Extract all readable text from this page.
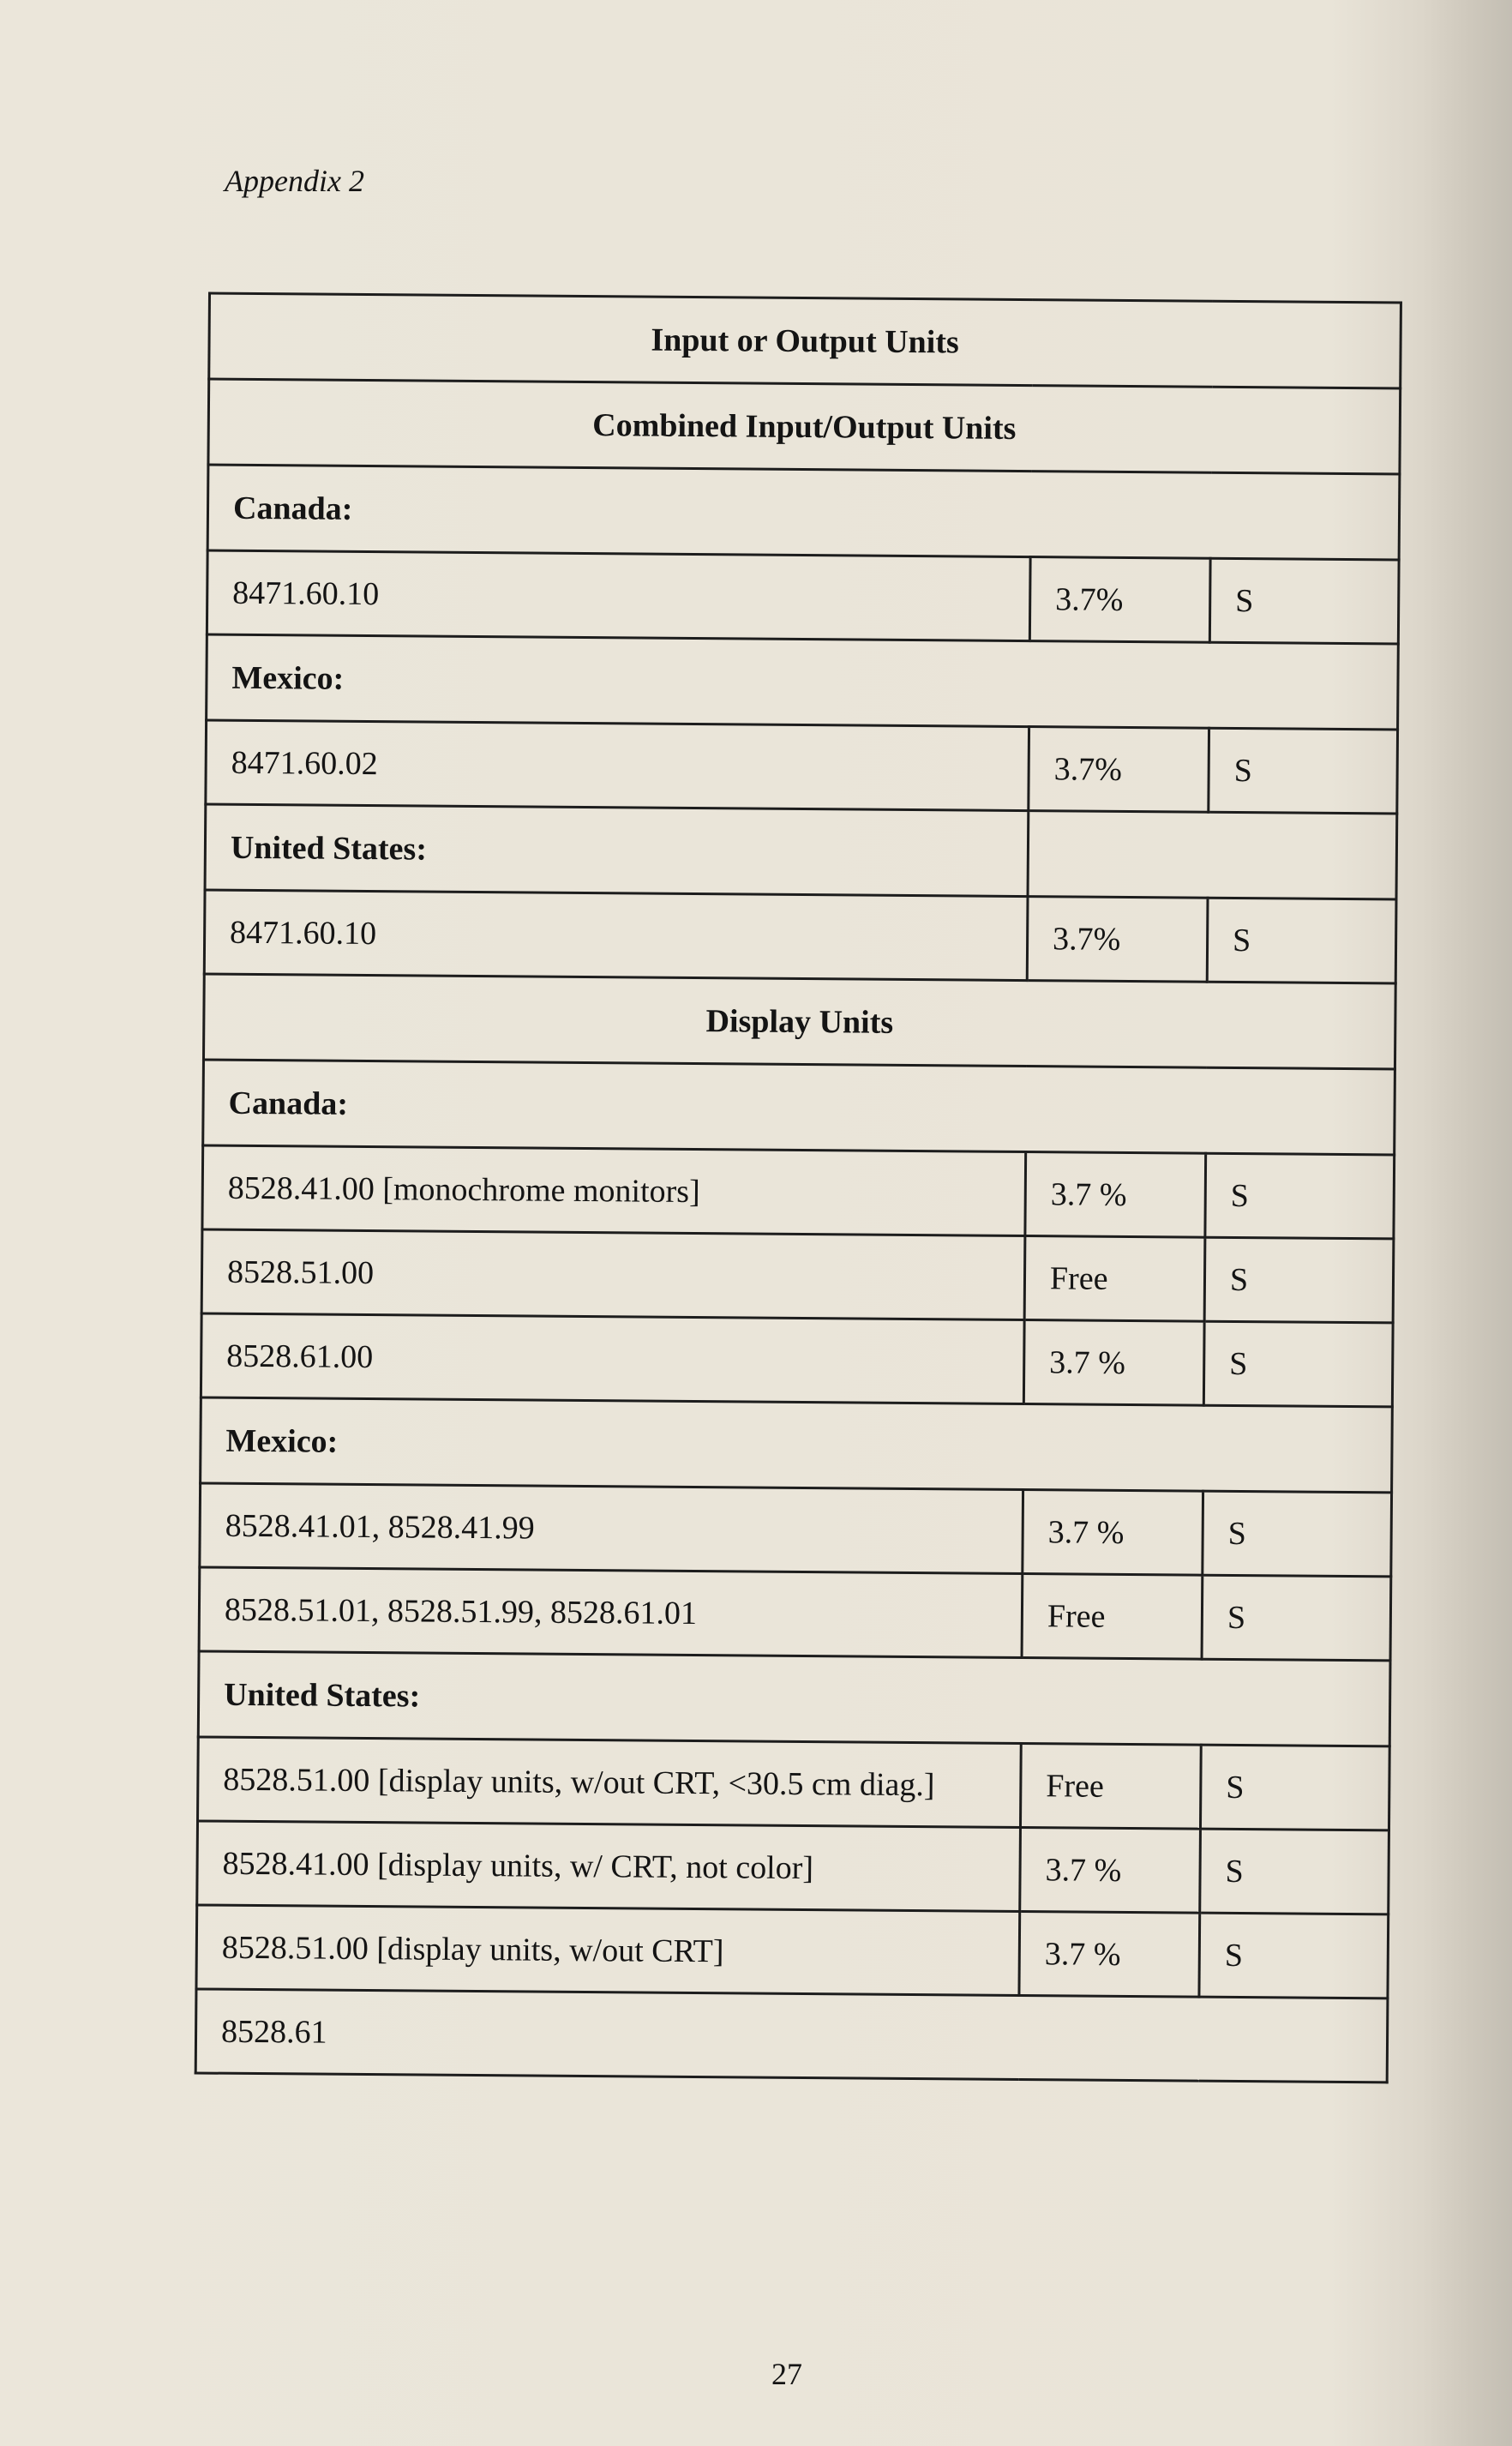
Appendix 2
Input or Output Units		
Combined Input/Output Units		
Canada:		
8471.60.10	3.7%	S
Mexico:		
8471.60.02	3.7%	S
United States:		
8471.60.10	3.7%	S
Display Units		
Canada:		
8528.41.00 [monochrome monitors]	3.7 %	S
8528.51.00	Free	S
8528.61.00	3.7 %	S
Mexico:		
8528.41.01, 8528.41.99	3.7 %	S
8528.51.01, 8528.51.99, 8528.61.01	Free	S
United States:		
8528.51.00 [display units, w/out CRT, <30.5 cm diag.]	Free	S
8528.41.00 [display units, w/ CRT, not color]	3.7 %	S
8528.51.00 [display units, w/out CRT]	3.7 %	S
8528.61		
27
